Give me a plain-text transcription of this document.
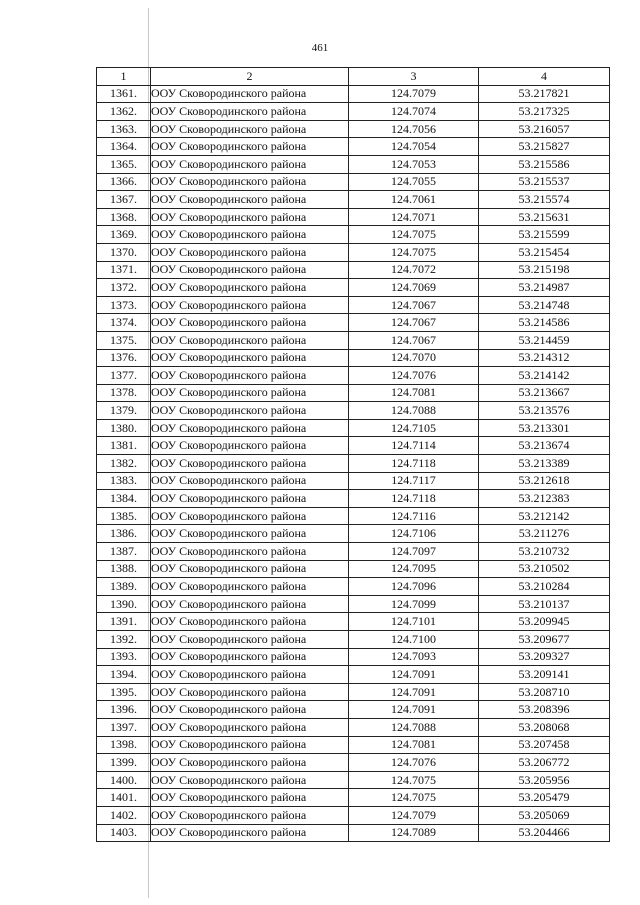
461
1	2	3	4
1361.	ООУ Сковородинского района	124.7079	53.217821
1362.	ООУ Сковородинского района	124.7074	53.217325
1363.	ООУ Сковородинского района	124.7056	53.216057
1364.	ООУ Сковородинского района	124.7054	53.215827
1365.	ООУ Сковородинского района	124.7053	53.215586
1366.	ООУ Сковородинского района	124.7055	53.215537
1367.	ООУ Сковородинского района	124.7061	53.215574
1368.	ООУ Сковородинского района	124.7071	53.215631
1369.	ООУ Сковородинского района	124.7075	53.215599
1370.	ООУ Сковородинского района	124.7075	53.215454
1371.	ООУ Сковородинского района	124.7072	53.215198
1372.	ООУ Сковородинского района	124.7069	53.214987
1373.	ООУ Сковородинского района	124.7067	53.214748
1374.	ООУ Сковородинского района	124.7067	53.214586
1375.	ООУ Сковородинского района	124.7067	53.214459
1376.	ООУ Сковородинского района	124.7070	53.214312
1377.	ООУ Сковородинского района	124.7076	53.214142
1378.	ООУ Сковородинского района	124.7081	53.213667
1379.	ООУ Сковородинского района	124.7088	53.213576
1380.	ООУ Сковородинского района	124.7105	53.213301
1381.	ООУ Сковородинского района	124.7114	53.213674
1382.	ООУ Сковородинского района	124.7118	53.213389
1383.	ООУ Сковородинского района	124.7117	53.212618
1384.	ООУ Сковородинского района	124.7118	53.212383
1385.	ООУ Сковородинского района	124.7116	53.212142
1386.	ООУ Сковородинского района	124.7106	53.211276
1387.	ООУ Сковородинского района	124.7097	53.210732
1388.	ООУ Сковородинского района	124.7095	53.210502
1389.	ООУ Сковородинского района	124.7096	53.210284
1390.	ООУ Сковородинского района	124.7099	53.210137
1391.	ООУ Сковородинского района	124.7101	53.209945
1392.	ООУ Сковородинского района	124.7100	53.209677
1393.	ООУ Сковородинского района	124.7093	53.209327
1394.	ООУ Сковородинского района	124.7091	53.209141
1395.	ООУ Сковородинского района	124.7091	53.208710
1396.	ООУ Сковородинского района	124.7091	53.208396
1397.	ООУ Сковородинского района	124.7088	53.208068
1398.	ООУ Сковородинского района	124.7081	53.207458
1399.	ООУ Сковородинского района	124.7076	53.206772
1400.	ООУ Сковородинского района	124.7075	53.205956
1401.	ООУ Сковородинского района	124.7075	53.205479
1402.	ООУ Сковородинского района	124.7079	53.205069
1403.	ООУ Сковородинского района	124.7089	53.204466
